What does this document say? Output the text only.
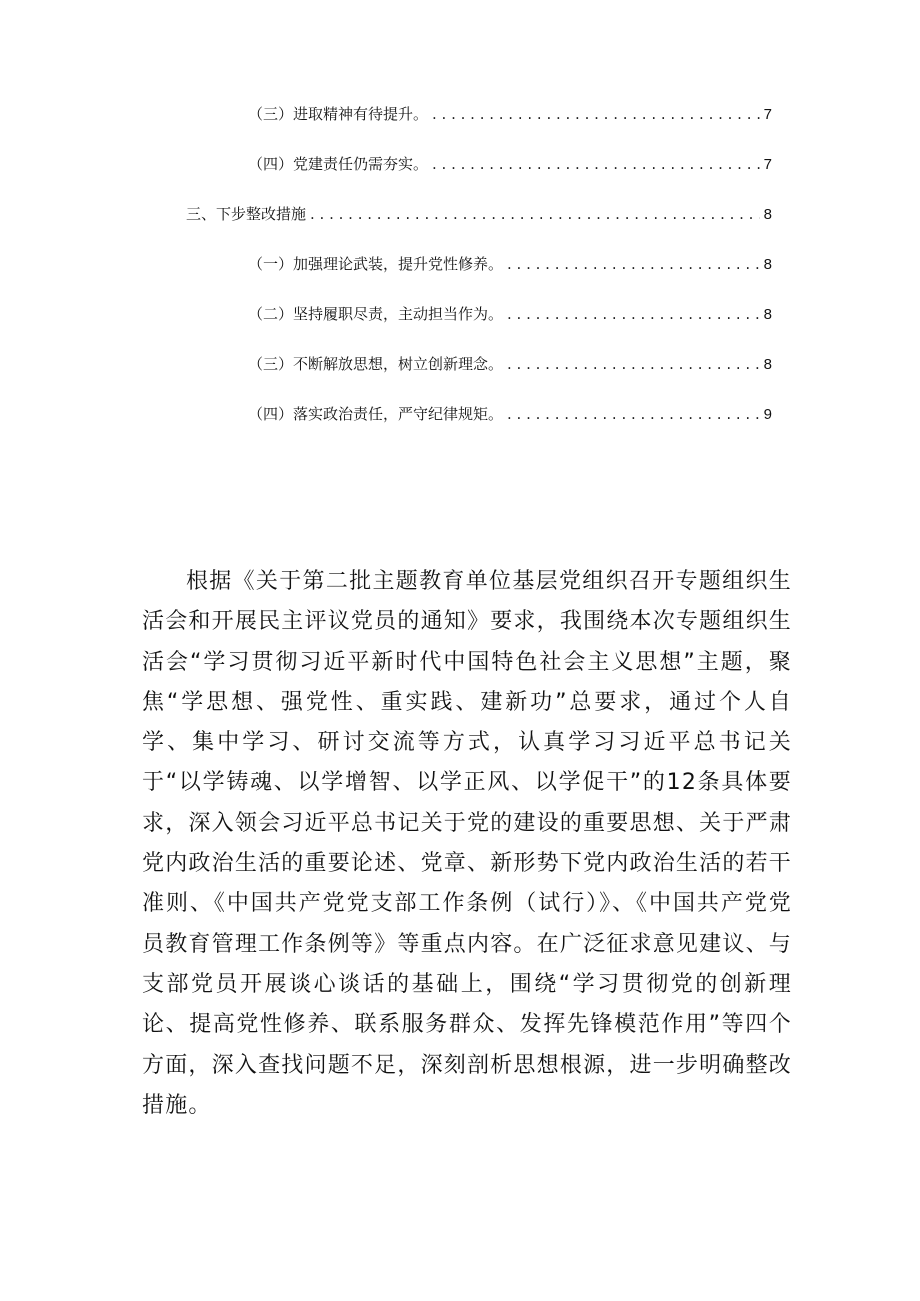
（三）进取精神有待提升。 . . .	7
（四）党建责任仍需夯实。 . . .	7
三、下步整改措施 . . .	8
（一）加强理论武装，提升党性修养。 . . .	8
（二）坚持履职尽责，主动担当作为。 . . .	8
（三）不断解放思想，树立创新理念。 . . .	8
（四）落实政治责任，严守纪律规矩。 . . .	9

根据《关于第二批主题教育单位基层党组织召开专题组织生活会和开展民主评议党员的通知》要求，我围绕本次专题组织生活会“学习贯彻习近平新时代中国特色社会主义思想”主题，聚焦“学思想、强党性、重实践、建新功”总要求，通过个人自学、集中学习、研讨交流等方式，认真学习习近平总书记关于“以学铸魂、以学增智、以学正风、以学促干”的12条具体要求，深入领会习近平总书记关于党的建设的重要思想、关于严肃党内政治生活的重要论述、党章、新形势下党内政治生活的若干准则、《中国共产党党支部工作条例（试行）》、《中国共产党党员教育管理工作条例等》等重点内容。在广泛征求意见建议、与支部党员开展谈心谈话的基础上，围绕“学习贯彻党的创新理论、提高党性修养、联系服务群众、发挥先锋模范作用”等四个方面，深入查找问题不足，深刻剖析思想根源，进一步明确整改措施。
